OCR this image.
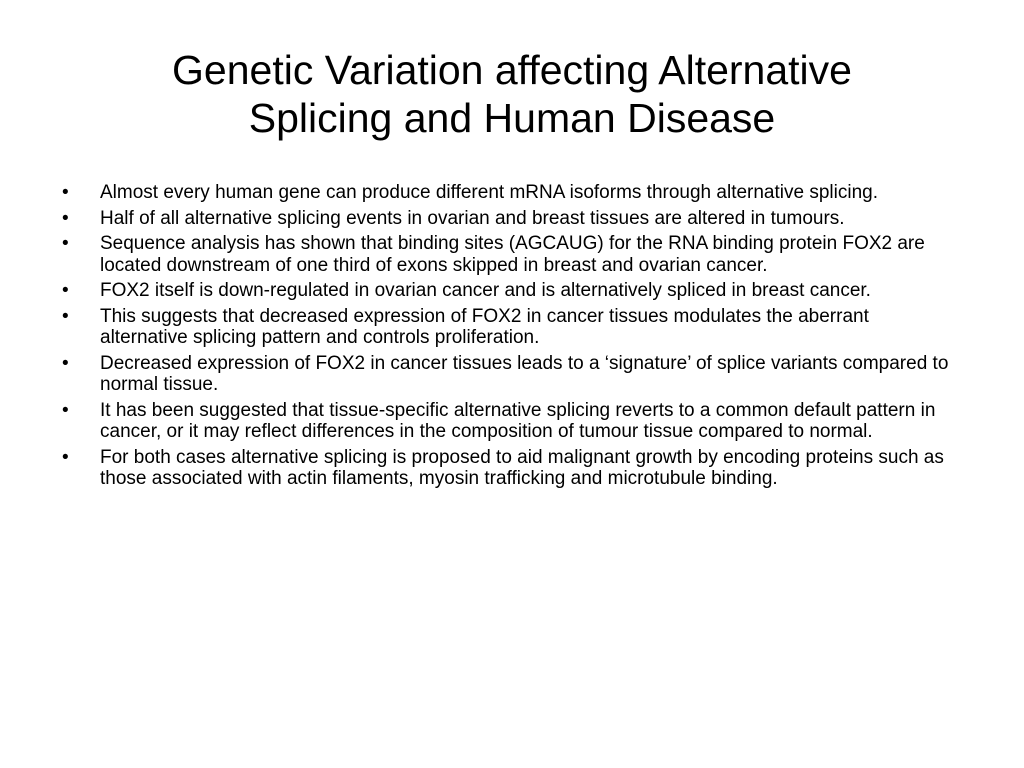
Genetic Variation affecting Alternative
Splicing and Human Disease
•	Almost every human gene can produce different mRNA isoforms through alternative splicing.
•	Half of all alternative splicing events in ovarian and breast tissues are altered in tumours.
•	Sequence analysis has shown that binding sites (AGCAUG) for the RNA binding protein FOX2 are located downstream of one third of exons skipped in breast and ovarian cancer.
•	FOX2 itself is down-regulated in ovarian cancer and is alternatively spliced in breast cancer.
•	This suggests that decreased expression of FOX2 in cancer tissues modulates the aberrant alternative splicing pattern and controls proliferation.
•	Decreased expression of FOX2 in cancer tissues leads to a ‘signature’ of splice variants compared to normal tissue.
•	It has been suggested that tissue-specific alternative splicing reverts to a common default pattern in cancer, or it may reflect differences in the composition of tumour tissue compared to normal.
•	For both cases alternative splicing is proposed to aid malignant growth by encoding proteins such as those associated with actin filaments, myosin trafficking and microtubule binding.
